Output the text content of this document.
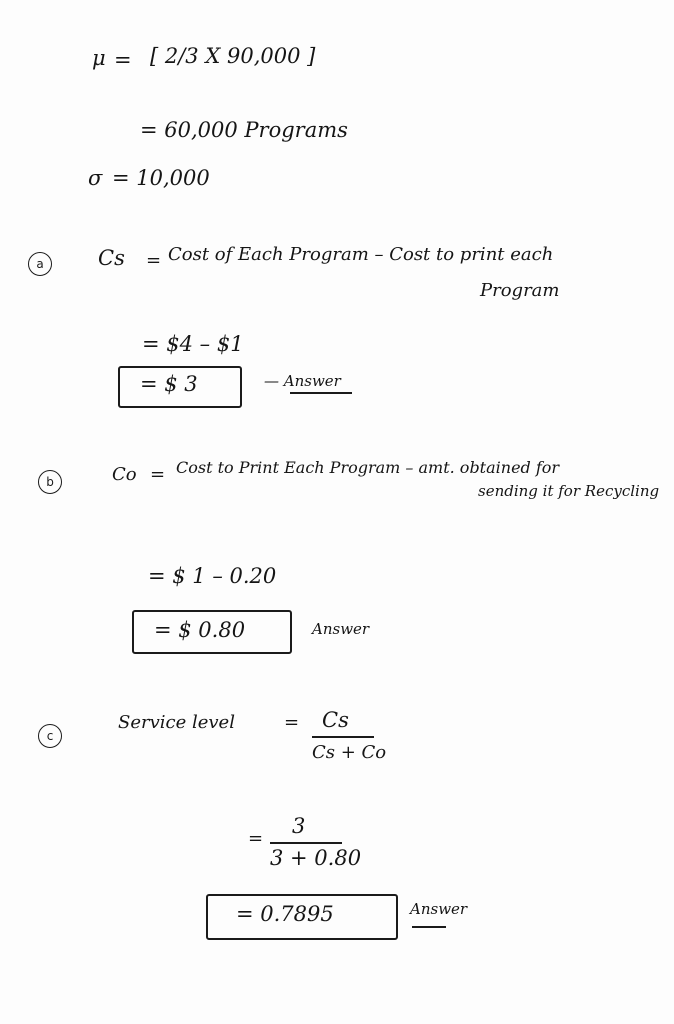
μ = [ 2/3 X 90,000 ]
= 60,000 Programs
σ = 10,000
a	Cs = Cost of Each Program – Cost to print each
Program
= $4 – $1
= $ 3	— Answer
b	Co = Cost to Print Each Program – amt. obtained for
sending it for Recycling
= $ 1 – 0.20
= $ 0.80	Answer
c
Service level	= Cs
Cs + Co
3
=
3 + 0.80
= 0.7895	Answer
